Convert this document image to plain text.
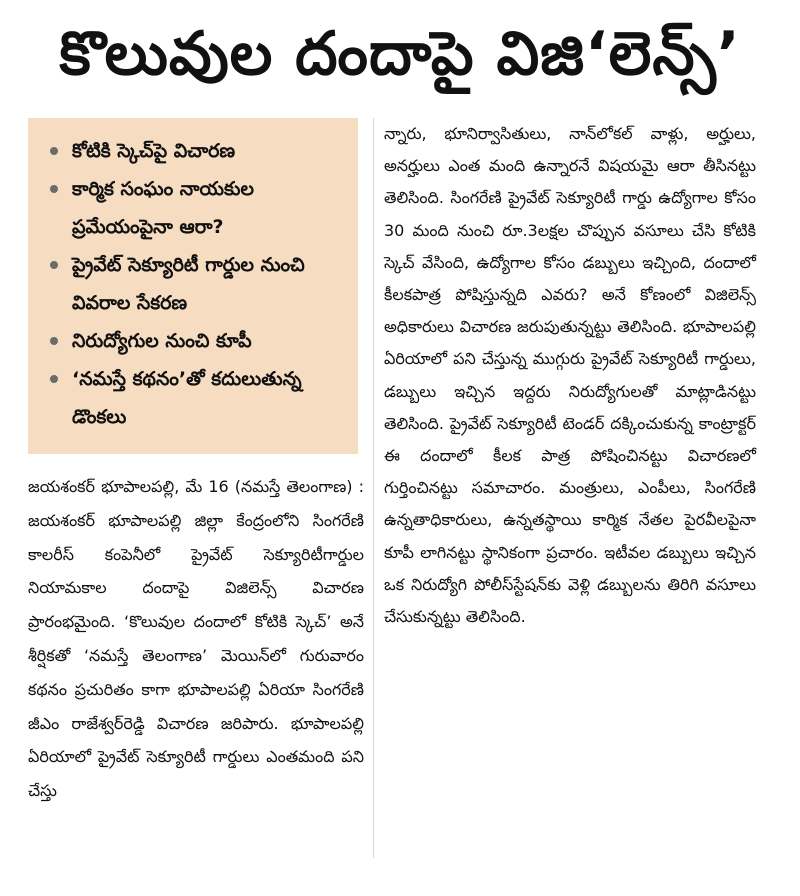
కొలువుల దందాపై విజి‘లెన్స్‌’
కోటికి స్కెచ్‌పై విచారణ
కార్మిక సంఘం నాయకుల ప్రమేయంపైనా ఆరా?
ప్రైవేట్‌ సెక్యూరిటీ గార్డుల నుంచి వివరాల సేకరణ
నిరుద్యోగుల నుంచి కూపీ
‘నమస్తే కథనం’తో కదులుతున్న డొంకలు

జయశంకర్‌ భూపాలపల్లి, మే 16 (నమస్తే తెలంగాణ) : జయశంకర్‌ భూపాలపల్లి జిల్లా కేంద్రంలోని సింగరేణి కాలరీస్‌ కంపెనీలో ప్రైవేట్‌ సెక్యూరిటీగార్డుల నియామకాల దందాపై విజిలెన్స్‌ విచారణ ప్రారంభమైంది. ‘కొలువుల దందాలో కోటికి స్కెచ్‌’ అనే శీర్షికతో ‘నమస్తే తెలంగాణ’ మెయిన్‌లో గురువారం కథనం ప్రచురితం కాగా భూపాలపల్లి ఏరియా సింగరేణి జీఎం రాజేశ్వర్‌రెడ్డి విచారణ జరిపారు. భూపాలపల్లి ఏరియాలో ప్రైవేట్‌ సెక్యూరిటీ గార్డులు ఎంతమంది పని చేస్తు

న్నారు, భూనిర్వాసితులు, నాన్‌లోకల్‌ వాళ్లు, అర్హులు, అనర్హులు ఎంత మంది ఉన్నారనే విషయమై ఆరా తీసినట్టు తెలిసింది. సింగరేణి ప్రైవేట్‌ సెక్యూరిటీ గార్డు ఉద్యోగాల కోసం 30 మంది నుంచి రూ.3లక్షల చొప్పున వసూలు చేసి కోటికి స్కెచ్‌ వేసింది, ఉద్యోగాల కోసం డబ్బులు ఇచ్చింది, దందాలో కీలకపాత్ర పోషిస్తున్నది ఎవరు? అనే కోణంలో విజిలెన్స్‌ అధికారులు విచారణ జరుపుతున్నట్టు తెలిసింది. భూపాలపల్లి ఏరియాలో పని చేస్తున్న ముగ్గురు ప్రైవేట్‌ సెక్యూరిటీ గార్డులు, డబ్బులు ఇచ్చిన ఇద్దరు నిరుద్యోగులతో మాట్లాడినట్టు తెలిసింది. ప్రైవేట్‌ సెక్యూరిటీ టెండర్‌ దక్కించుకున్న కాంట్రాక్టర్‌ ఈ దందాలో కీలక పాత్ర పోషించినట్టు విచారణలో గుర్తించినట్టు సమాచారం. మంత్రులు, ఎంపీలు, సింగరేణి ఉన్నతాధికారులు, ఉన్నతస్థాయి కార్మిక నేతల పైరవీలపైనా కూపీ లాగినట్టు స్థానికంగా ప్రచారం. ఇటీవల డబ్బులు ఇచ్చిన ఒక నిరుద్యోగి పోలీస్‌స్టేషన్‌కు వెళ్లి డబ్బులను తిరిగి వసూలు చేసుకున్నట్టు తెలిసింది.
